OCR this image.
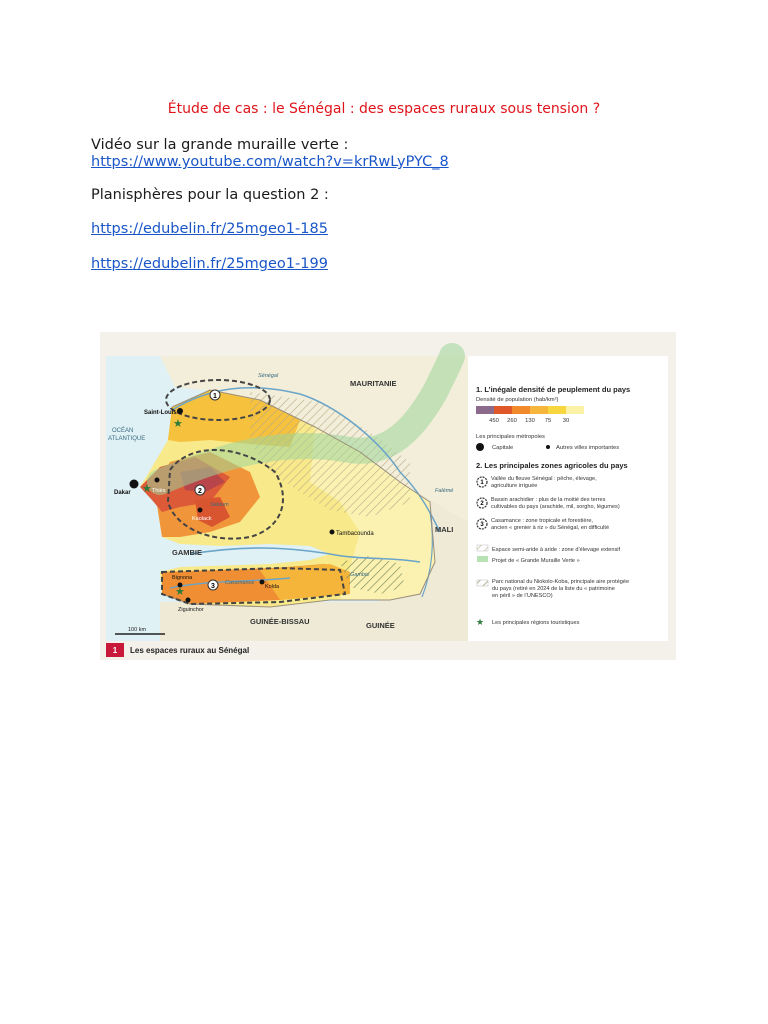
Étude de cas : le Sénégal : des espaces ruraux sous tension ?
Vidéo sur la grande muraille verte :
https://www.youtube.com/watch?v=krRwLyPYC_8
Planisphères pour la question 2 :
https://edubelin.fr/25mgeo1-185
https://edubelin.fr/25mgeo1-199
1
2
3
★
★
★
MAURITANIE
MALI
GAMBIE
GUINÉE-BISSAU	GUINÉE
OCÉAN
ATLANTIQUE
Saint-Louis
Dakar	Thiès
Kaolack
Tambacounda
Bignona
Ziguinchor
Kolda
Sénégal
Saloum
Casamance
Gambie
Falémé
100 km
1. L’inégale densité de peuplement du pays
Densité de population (hab/km²)
450 260 130 75 30
Les principales métropoles
Capitale	Autres villes importantes
2. Les principales zones agricoles du pays
1
Vallée du fleuve Sénégal : pêche, élevage,
agriculture irriguée
2
Bassin arachidier : plus de la moitié des terres
cultivables du pays (arachide, mil, sorgho, légumes)
3
Casamance : zone tropicale et forestière,
ancien « grenier à riz » du Sénégal, en difficulté
Espace semi-aride à aride : zone d’élevage extensif
Projet de « Grande Muraille Verte »
Parc national du Niokolo-Koba, principale aire protégée
du pays (retiré en 2024 de la liste du « patrimoine
en péril » de l’UNESCO)
★ Les principales régions touristiques
1 Les espaces ruraux au Sénégal
